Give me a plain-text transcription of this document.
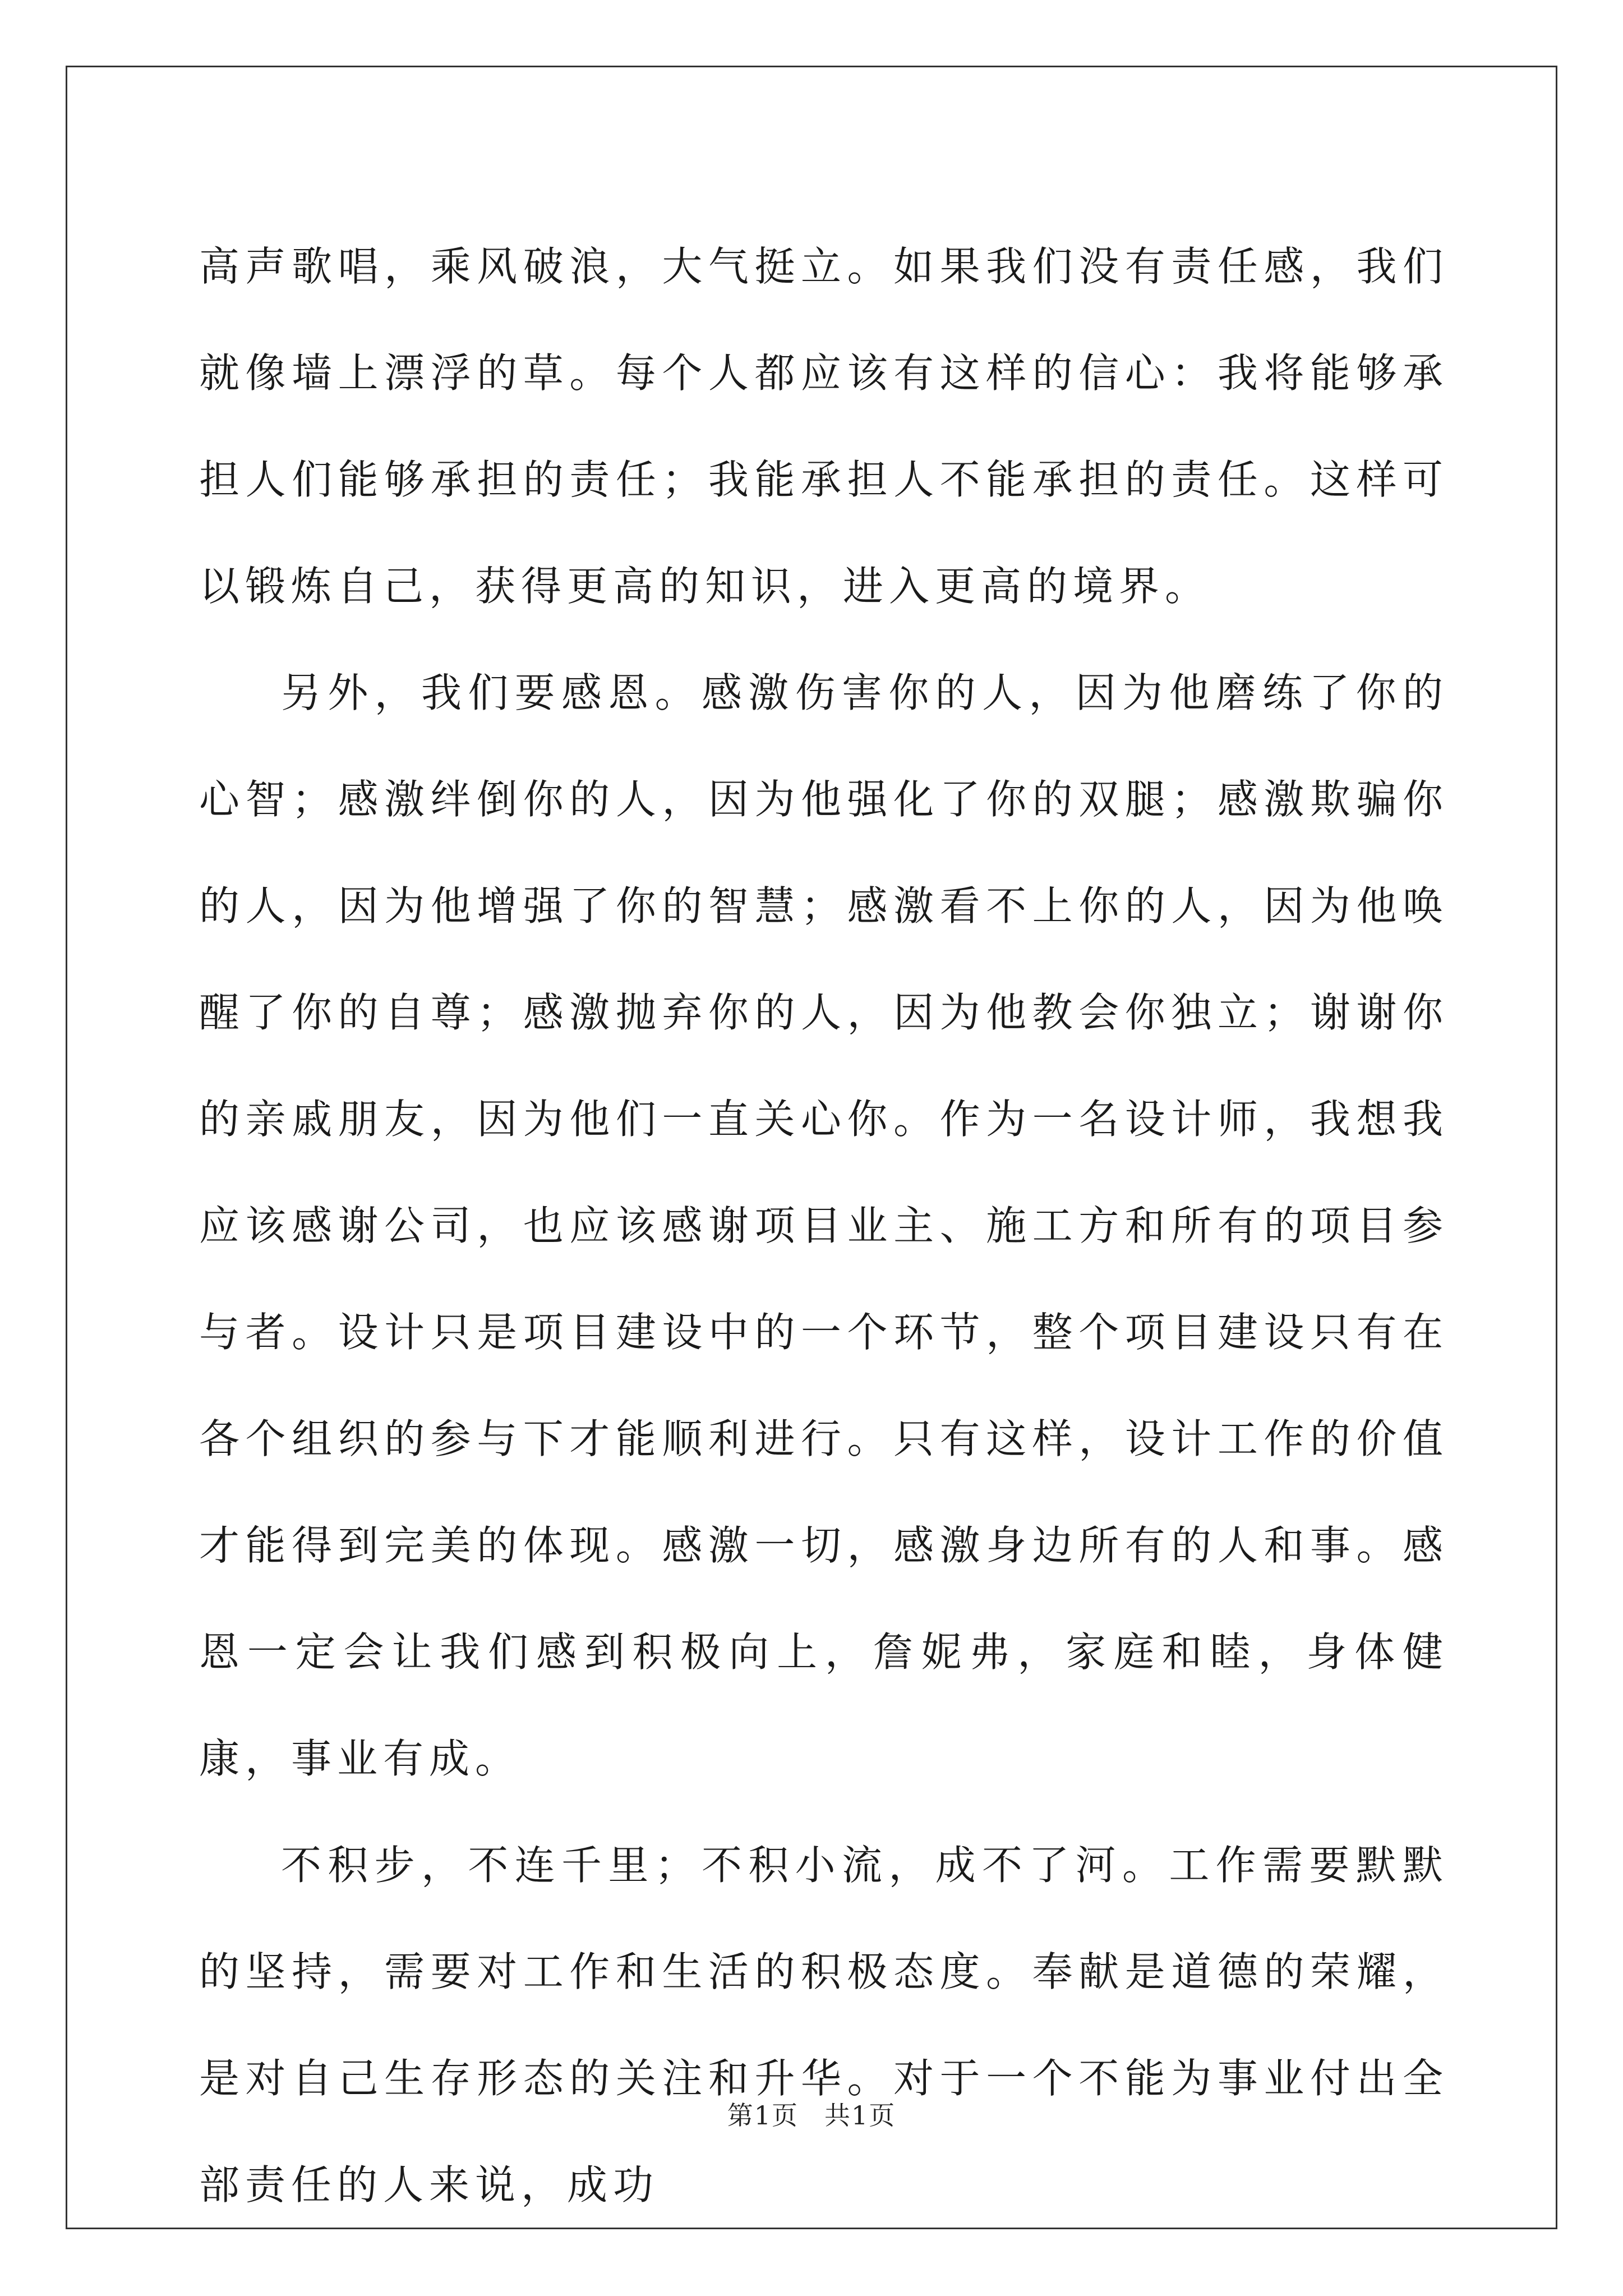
高声歌唱，乘风破浪，大气挺立。如果我们没有责任感，我们就像墙上漂浮的草。每个人都应该有这样的信心：我将能够承担人们能够承担的责任；我能承担人不能承担的责任。这样可以锻炼自己，获得更高的知识，进入更高的境界。

另外，我们要感恩。感激伤害你的人，因为他磨练了你的心智；感激绊倒你的人，因为他强化了你的双腿；感激欺骗你的人，因为他增强了你的智慧；感激看不上你的人，因为他唤醒了你的自尊；感激抛弃你的人，因为他教会你独立；谢谢你的亲戚朋友，因为他们一直关心你。作为一名设计师，我想我应该感谢公司，也应该感谢项目业主、施工方和所有的项目参与者。设计只是项目建设中的一个环节，整个项目建设只有在各个组织的参与下才能顺利进行。只有这样，设计工作的价值才能得到完美的体现。感激一切，感激身边所有的人和事。感恩一定会让我们感到积极向上，詹妮弗，家庭和睦，身体健康，事业有成。

不积步，不连千里；不积小流，成不了河。工作需要默默的坚持，需要对工作和生活的积极态度。奉献是道德的荣耀，是对自己生存形态的关注和升华。对于一个不能为事业付出全部责任的人来说，成功

第1页 共1页
